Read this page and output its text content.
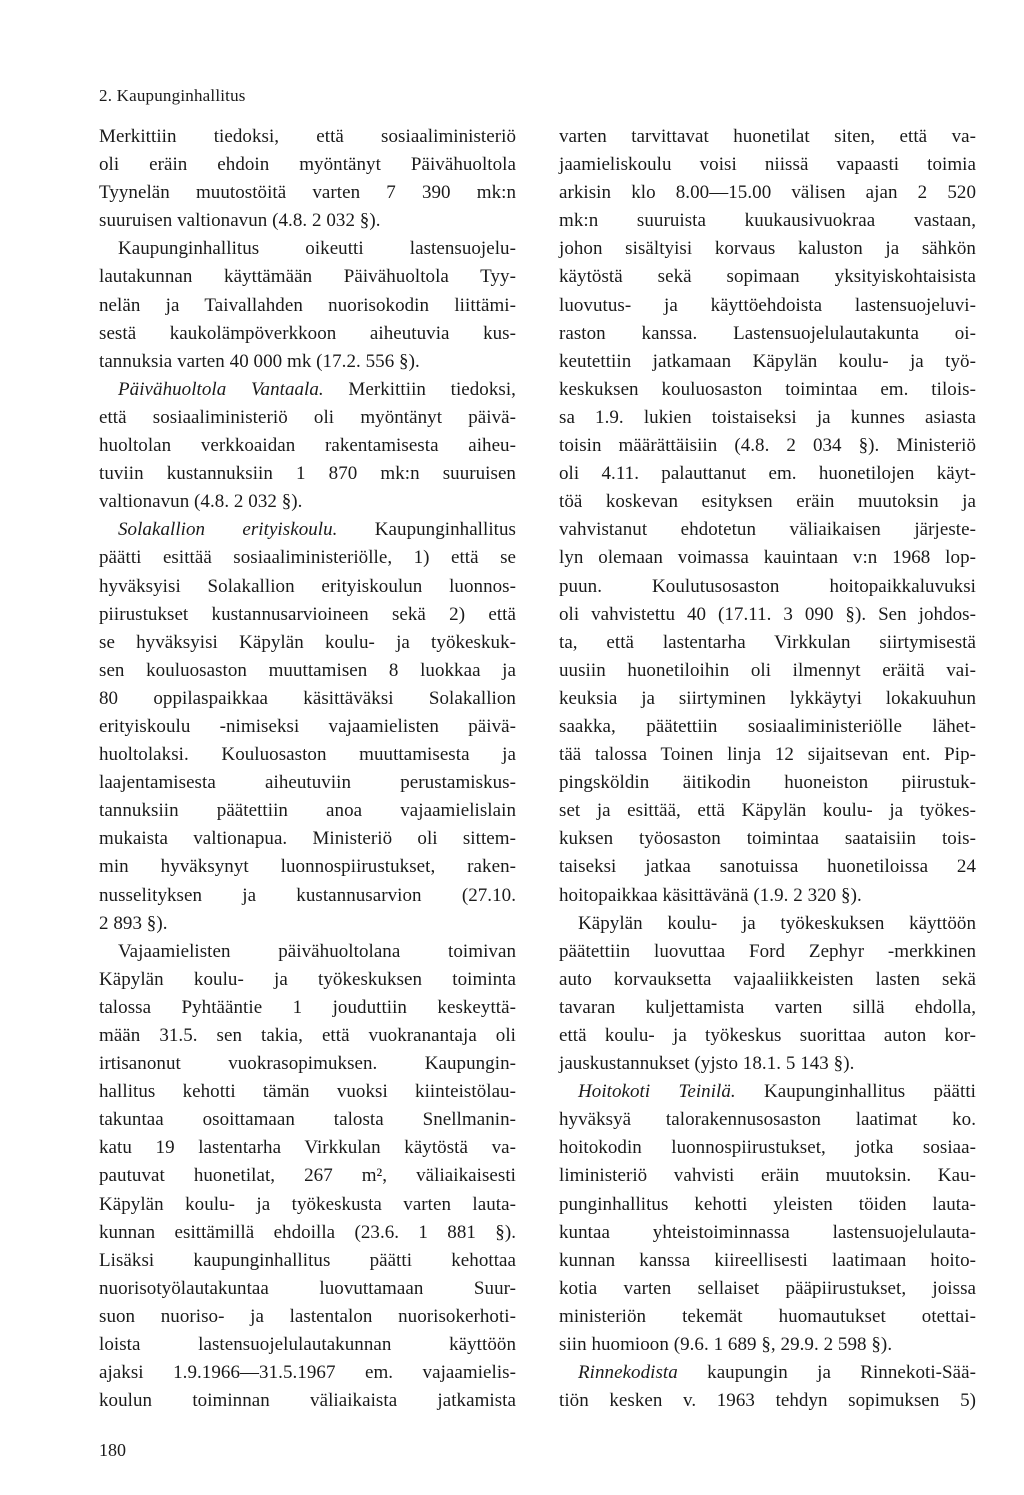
2. Kaupunginhallitus
Merkittiin tiedoksi, että sosiaaliministeriö
oli eräin ehdoin myöntänyt Päivähuoltola
Tyynelän muutostöitä varten 7 390 mk:n
suuruisen valtionavun (4.8. 2 032 §).
Kaupunginhallitus oikeutti lastensuojelu-
lautakunnan käyttämään Päivähuoltola Tyy-
nelän ja Taivallahden nuorisokodin liittämi-
sestä kaukolämpöverkkoon aiheutuvia kus-
tannuksia varten 40 000 mk (17.2. 556 §).
Päivähuoltola Vantaala. Merkittiin tiedoksi,
että sosiaaliministeriö oli myöntänyt päivä-
huoltolan verkkoaidan rakentamisesta aiheu-
tuviin kustannuksiin 1 870 mk:n suuruisen
valtionavun (4.8. 2 032 §).
Solakallion erityiskoulu. Kaupunginhallitus
päätti esittää sosiaaliministeriölle, 1) että se
hyväksyisi Solakallion erityiskoulun luonnos-
piirustukset kustannusarvioineen sekä 2) että
se hyväksyisi Käpylän koulu- ja työkeskuk-
sen kouluosaston muuttamisen 8 luokkaa ja
80 oppilaspaikkaa käsittäväksi Solakallion
erityiskoulu -nimiseksi vajaamielisten päivä-
huoltolaksi. Kouluosaston muuttamisesta ja
laajentamisesta aiheutuviin perustamiskus-
tannuksiin päätettiin anoa vajaamielislain
mukaista valtionapua. Ministeriö oli sittem-
min hyväksynyt luonnospiirustukset, raken-
nusselityksen ja kustannusarvion (27.10.
2 893 §).
Vajaamielisten päivähuoltolana toimivan
Käpylän koulu- ja työkeskuksen toiminta
talossa Pyhtääntie 1 jouduttiin keskeyttä-
mään 31.5. sen takia, että vuokranantaja oli
irtisanonut vuokrasopimuksen. Kaupungin-
hallitus kehotti tämän vuoksi kiinteistölau-
takuntaa osoittamaan talosta Snellmanin-
katu 19 lastentarha Virkkulan käytöstä va-
pautuvat huonetilat, 267 m², väliaikaisesti
Käpylän koulu- ja työkeskusta varten lauta-
kunnan esittämillä ehdoilla (23.6. 1 881 §).
Lisäksi kaupunginhallitus päätti kehottaa
nuorisotyölautakuntaa luovuttamaan Suur-
suon nuoriso- ja lastentalon nuorisokerhoti-
loista lastensuojelulautakunnan käyttöön
ajaksi 1.9.1966—31.5.1967 em. vajaamielis-
koulun toiminnan väliaikaista jatkamista
varten tarvittavat huonetilat siten, että va-
jaamieliskoulu voisi niissä vapaasti toimia
arkisin klo 8.00—15.00 välisen ajan 2 520
mk:n suuruista kuukausivuokraa vastaan,
johon sisältyisi korvaus kaluston ja sähkön
käytöstä sekä sopimaan yksityiskohtaisista
luovutus- ja käyttöehdoista lastensuojeluvi-
raston kanssa. Lastensuojelulautakunta oi-
keutettiin jatkamaan Käpylän koulu- ja työ-
keskuksen kouluosaston toimintaa em. tilois-
sa 1.9. lukien toistaiseksi ja kunnes asiasta
toisin määrättäisiin (4.8. 2 034 §). Ministeriö
oli 4.11. palauttanut em. huonetilojen käyt-
töä koskevan esityksen eräin muutoksin ja
vahvistanut ehdotetun väliaikaisen järjeste-
lyn olemaan voimassa kauintaan v:n 1968 lop-
puun. Koulutusosaston hoitopaikkaluvuksi
oli vahvistettu 40 (17.11. 3 090 §). Sen johdos-
ta, että lastentarha Virkkulan siirtymisestä
uusiin huonetiloihin oli ilmennyt eräitä vai-
keuksia ja siirtyminen lykkäytyi lokakuuhun
saakka, päätettiin sosiaaliministeriölle lähet-
tää talossa Toinen linja 12 sijaitsevan ent. Pip-
pingsköldin äitikodin huoneiston piirustuk-
set ja esittää, että Käpylän koulu- ja työkes-
kuksen työosaston toimintaa saataisiin tois-
taiseksi jatkaa sanotuissa huonetiloissa 24
hoitopaikkaa käsittävänä (1.9. 2 320 §).
Käpylän koulu- ja työkeskuksen käyttöön
päätettiin luovuttaa Ford Zephyr -merkkinen
auto korvauksetta vajaaliikkeisten lasten sekä
tavaran kuljettamista varten sillä ehdolla,
että koulu- ja työkeskus suorittaa auton kor-
jauskustannukset (yjsto 18.1. 5 143 §).
Hoitokoti Teinilä. Kaupunginhallitus päätti
hyväksyä talorakennusosaston laatimat ko.
hoitokodin luonnospiirustukset, jotka sosiaa-
liministeriö vahvisti eräin muutoksin. Kau-
punginhallitus kehotti yleisten töiden lauta-
kuntaa yhteistoiminnassa lastensuojelulauta-
kunnan kanssa kiireellisesti laatimaan hoito-
kotia varten sellaiset pääpiirustukset, joissa
ministeriön tekemät huomautukset otettai-
siin huomioon (9.6. 1 689 §, 29.9. 2 598 §).
Rinnekodista kaupungin ja Rinnekoti-Sää-
tiön kesken v. 1963 tehdyn sopimuksen 5)
180
